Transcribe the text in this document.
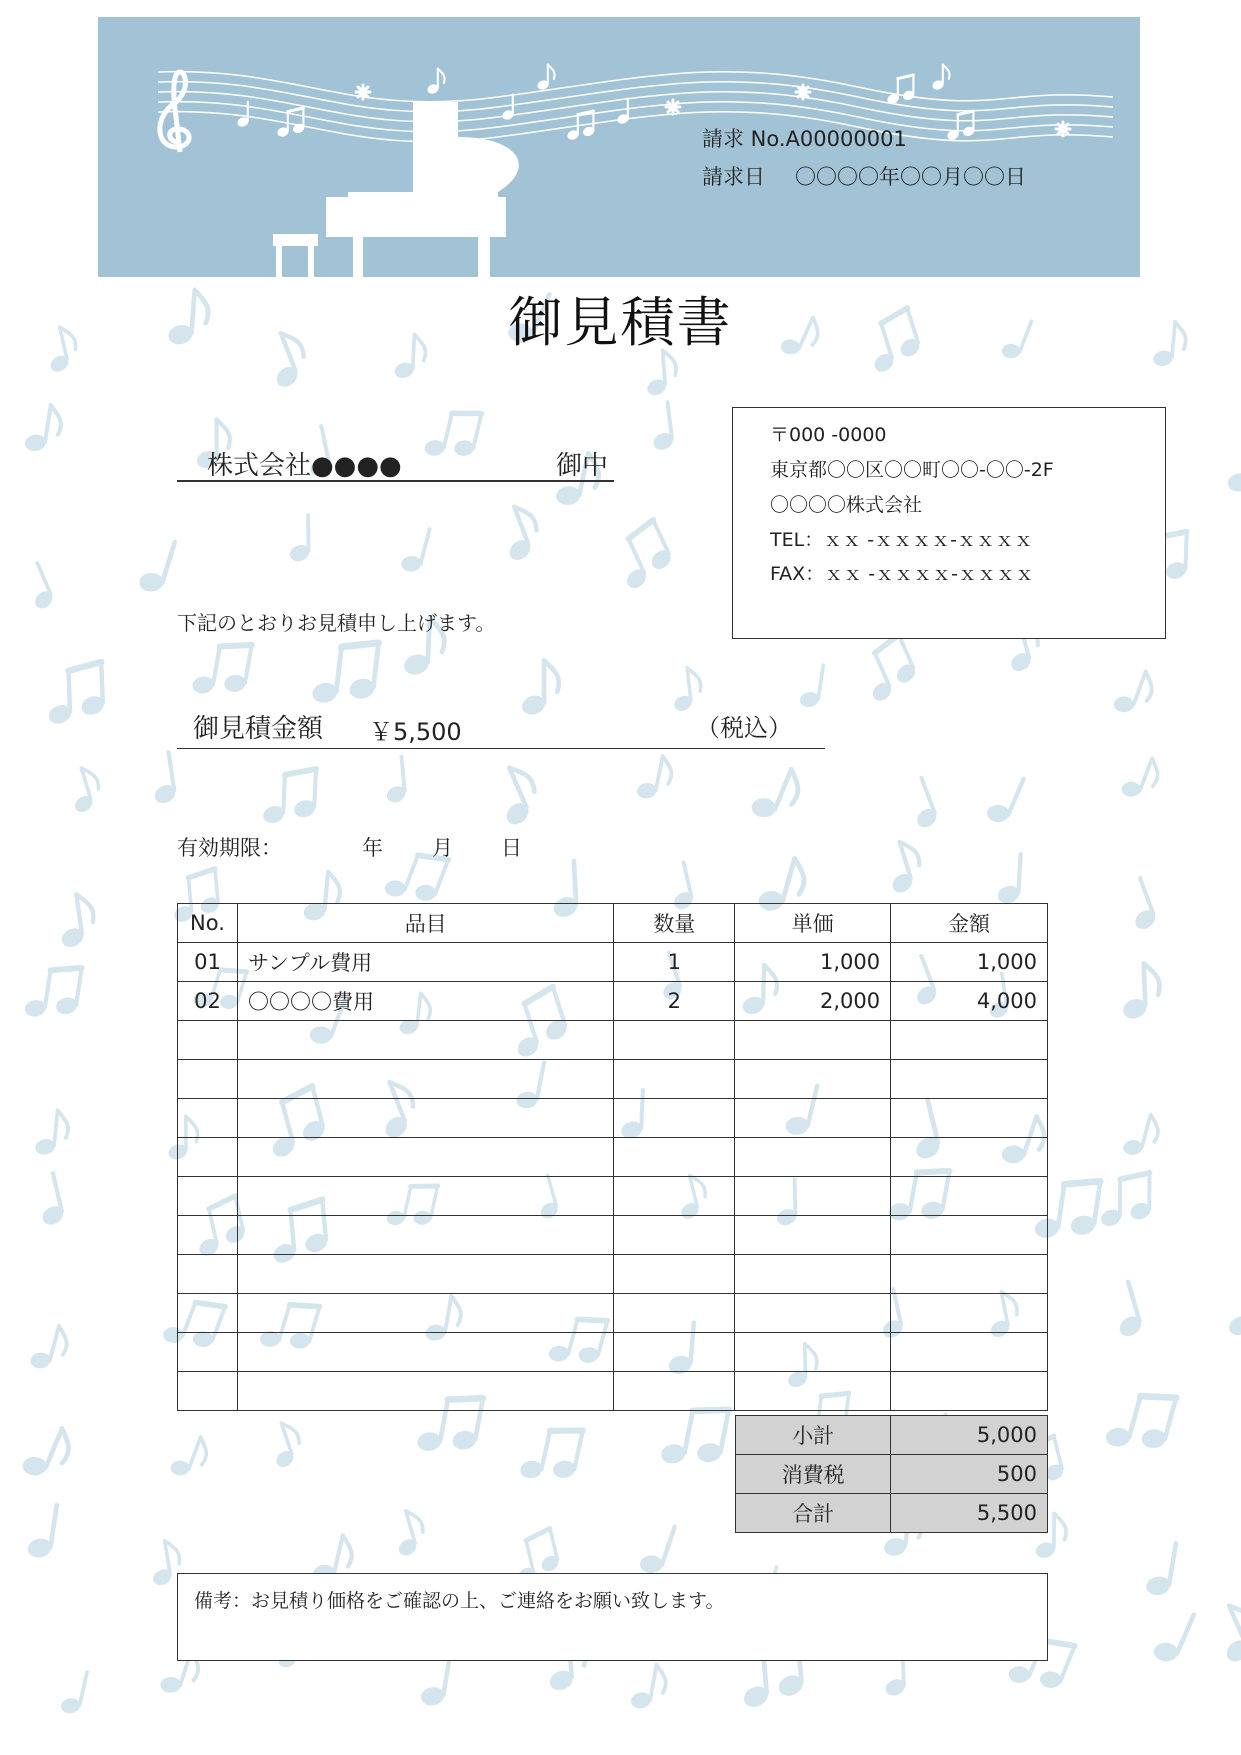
請求 No.A00000001
請求日 〇〇〇〇年〇〇月〇〇日
御見積書
株式会社●●●●	御中
〒000 -0000
東京都〇〇区〇〇町〇〇-〇〇-2F
〇〇〇〇株式会社
TEL：ｘｘ -ｘｘｘｘ-ｘｘｘｘ
FAX：ｘｘ -ｘｘｘｘ-ｘｘｘｘ
下記のとおりお見積申し上げます。
御見積金額 ￥5,500	（税込）
有効期限：	年 月 日
No.	品目	数量	単価	金額
01	サンプル費用	1	1,000	1,000
02	〇〇〇〇費用	2	2,000	4,000

小計	5,000
消費税	500
合計	5,500
備考：お見積り価格をご確認の上、ご連絡をお願い致します。
